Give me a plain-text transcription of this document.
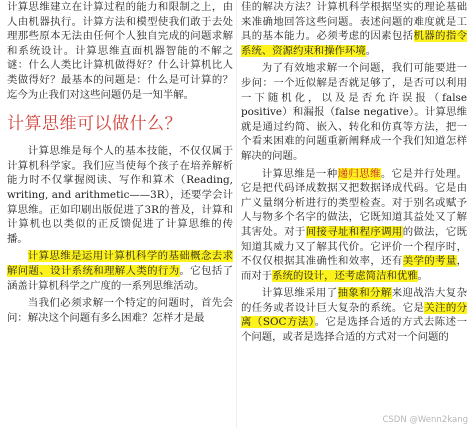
计算思维建立在计算过程的能力和限制之上，由人由机器执行。计算方法和模型使我们敢于去处理那些原本无法由任何个人独自完成的问题求解和系统设计。计算思维直面机器智能的不解之谜：什么人类比计算机做得好？什么计算机比人类做得好？最基本的问题是：什么是可计算的？迄今为止我们对这些问题仍是一知半解。

计算思维可以做什么？

计算思维是每个人的基本技能，不仅仅属于计算机科学家。我们应当使每个孩子在培养解析能力时不仅掌握阅读、写作和算术（Reading, writing, and arithmetic——3R），还要学会计算思维。正如印刷出版促进了3R的普及，计算和计算机也以类似的正反馈促进了计算思维的传播。

计算思维是运用计算机科学的基础概念去求解问题、设计系统和理解人类的行为。它包括了涵盖计算机科学之广度的一系列思维活动。

当我们必须求解一个特定的问题时，首先会问：解决这个问题有多么困难？怎样才是最

佳的解决方法？计算机科学根据坚实的理论基础来准确地回答这些问题。表述问题的难度就是工具的基本能力。必须考虑的因素包括机器的指令系统、资源约束和操作环境。

为了有效地求解一个问题，我们可能要进一步问：一个近似解是否就足够了，是否可以利用一下随机化，以及是否允许误报（false positive）和漏报（false negative）。计算思维就是通过约简、嵌入、转化和仿真等方法，把一个看来困难的问题重新阐释成一个我们知道怎样解决的问题。

计算思维是一种递归思维。它是并行处理。它是把代码译成数据又把数据译成代码。它是由广义量纲分析进行的类型检查。对于别名或赋予人与物多个名字的做法，它既知道其益处又了解其害处。对于间接寻址和程序调用的做法，它既知道其威力又了解其代价。它评价一个程序时，不仅仅根据其准确性和效率，还有美学的考量，而对于系统的设计，还考虑简洁和优雅。

计算思维采用了抽象和分解来迎战浩大复杂的任务或者设计巨大复杂的系统。它是关注的分离（SOC方法）。它是选择合适的方式去陈述一个问题，或者是选择合适的方式对一个问题的

CSDN @Wenn2kang
